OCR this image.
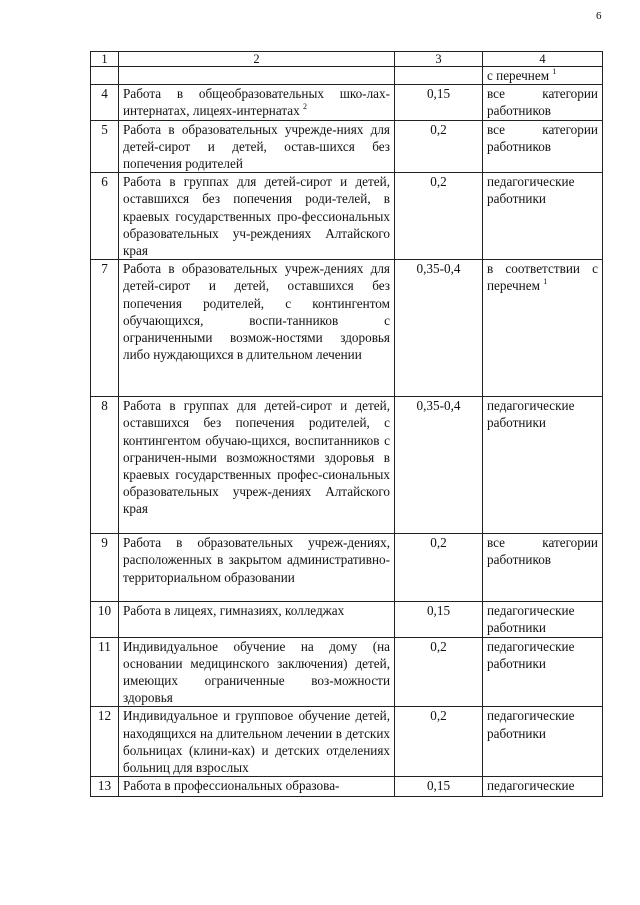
6
1	2	3	4
			с перечнем $^1$
4	Работа в общеобразовательных шко-лах-интернатах, лицеях-интернатах $^2$	0,15	все категории работников
5	Работа в образовательных учрежде-ниях для детей-сирот и детей, остав-шихся без попечения родителей	0,2	все категории работников
6	Работа в группах для детей-сирот и детей, оставшихся без попечения роди-телей, в краевых государственных про-фессиональных образовательных уч-реждениях Алтайского края	0,2	педагогические работники
7	Работа в образовательных учреж-дениях для детей-сирот и детей, оставшихся без попечения родителей, с контингентом обучающихся, воспи-танников с ограниченными возмож-ностями здоровья либо нуждающихся в длительном лечении	0,35-0,4	в соответствии с перечнем $^1$
8	Работа в группах для детей-сирот и детей, оставшихся без попечения родителей, с контингентом обучаю-щихся, воспитанников с ограничен-ными возможностями здоровья в краевых государственных профес-сиональных образовательных учреж-дениях Алтайского края	0,35-0,4	педагогические работники
9	Работа в образовательных учреж-дениях, расположенных в закрытом административно-территориальном образовании	0,2	все категории работников
10	Работа в лицеях, гимназиях, колледжах	0,15	педагогические работники
11	Индивидуальное обучение на дому (на основании медицинского заключения) детей, имеющих ограниченные воз-можности здоровья	0,2	педагогические работники
12	Индивидуальное и групповое обучение детей, находящихся на длительном лечении в детских больницах (клини-ках) и детских отделениях больниц для взрослых	0,2	педагогические работники
13	Работа в профессиональных образова-	0,15	педагогические
